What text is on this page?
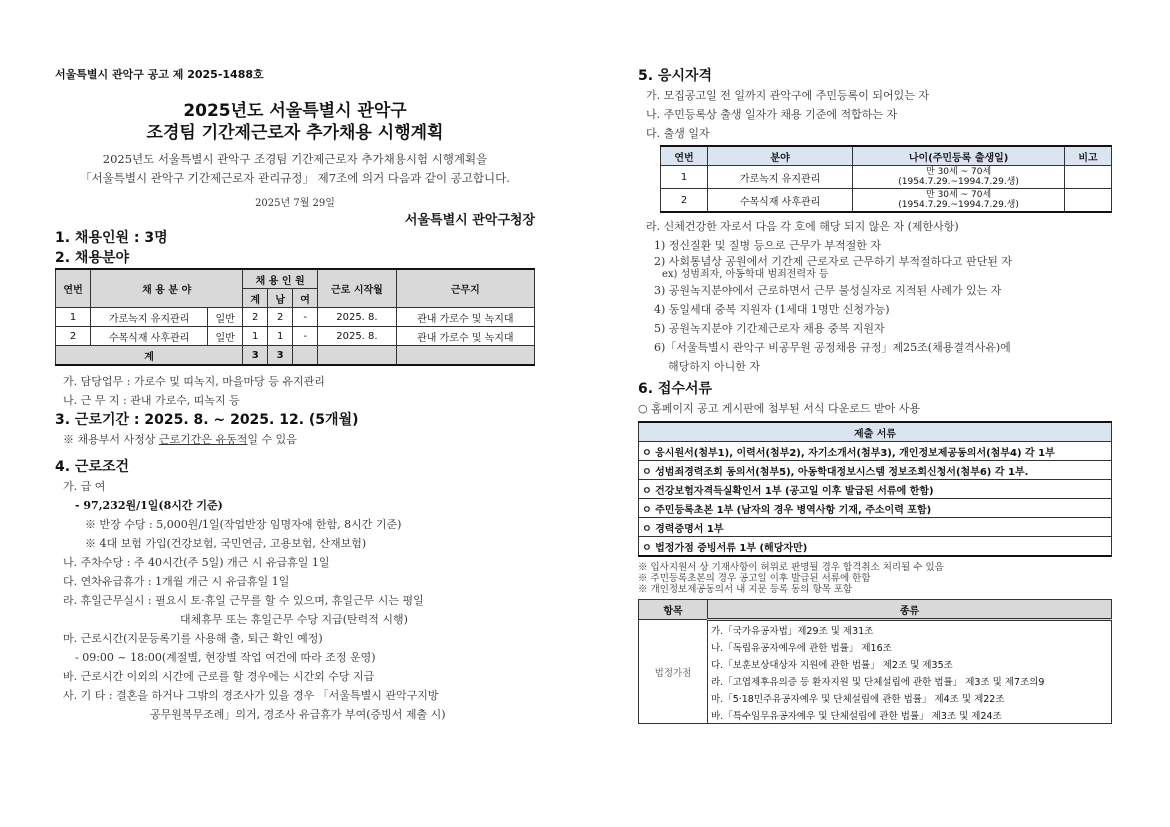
서울특별시 관악구 공고 제 2025-1488호
2025년도 서울특별시 관악구
조경팀 기간제근로자 추가채용 시행계획
2025년도 서울특별시 관악구 조경팀 기간제근로자 추가채용시험 시행계획을
「서울특별시 관악구 기간제근로자 관리규정」 제7조에 의거 다음과 같이 공고합니다.
2025년 7월 29일
서울특별시 관악구청장
1. 채용인원 : 3명
2. 채용분야
연번	채 용 분 야		채 용 인 원			근로 시작월	근무지
			계	남	여		
1	가로녹지 유지관리	일반	2	2	-	2025. 8.	관내 가로수 및 녹지대
2	수목식재 사후관리	일반	1	1	-	2025. 8.	관내 가로수 및 녹지대
계			3	3			
가. 담당업무 : 가로수 및 띠녹지, 마을마당 등 유지관리
나. 근 무 지 : 관내 가로수, 띠녹지 등
3. 근로기간 : 2025. 8. ~ 2025. 12. (5개월)
※ 채용부서 사정상 근로기간은 유동적일 수 있음
4. 근로조건
가. 급 여
- 97,232원/1일(8시간 기준)
※ 반장 수당 : 5,000원/1일(작업반장 임명자에 한함, 8시간 기준)
※ 4대 보험 가입(건강보험, 국민연금, 고용보험, 산재보험)
나. 주차수당 : 주 40시간(주 5일) 개근 시 유급휴일 1일
다. 연차유급휴가 : 1개월 개근 시 유급휴일 1일
라. 휴일근무실시 : 필요시 토·휴일 근무를 할 수 있으며, 휴일근무 시는 평일
대체휴무 또는 휴일근무 수당 지급(탄력적 시행)
마. 근로시간(지문등록기를 사용해 출, 퇴근 확인 예정)
- 09:00 ~ 18:00(계절별, 현장별 작업 여건에 따라 조정 운영)
바. 근로시간 이외의 시간에 근로를 할 경우에는 시간외 수당 지급
사. 기 타 : 결혼을 하거나 그밖의 경조사가 있을 경우 「서울특별시 관악구지방
공무원복무조례」의거, 경조사 유급휴가 부여(증빙서 제출 시)
5. 응시자격
가. 모집공고일 전 일까지 관악구에 주민등록이 되어있는 자
나. 주민등록상 출생 일자가 채용 기준에 적합하는 자
다. 출생 일자
연번	분야	나이(주민등록 출생일)	비고
1	가로녹지 유지관리	만 30세 ~ 70세
(1954.7.29.~1994.7.29.생)	

2	수목식재 사후관리	만 30세 ~ 70세
(1954.7.29.~1994.7.29.생)	

라. 신체건강한 자로서 다음 각 호에 해당 되지 않은 자 (제한사항)
1) 정신질환 및 질병 등으로 근무가 부적절한 자
2) 사회통념상 공원에서 기간제 근로자로 근무하기 부적절하다고 판단된 자
ex) 성범죄자, 아동학대 범죄전력자 등
3) 공원녹지분야에서 근로하면서 근무 불성실자로 지적된 사례가 있는 자
4) 동일세대 중복 지원자 (1세대 1명만 신청가능)
5) 공원녹지분야 기간제근로자 채용 중복 지원자
6)「서울특별시 관악구 비공무원 공정채용 규정」제25조(채용결격사유)에
해당하지 아니한 자
6. 접수서류
○ 홈페이지 공고 게시판에 첨부된 서식 다운로드 받아 사용
제출 서류
ㅇ 응시원서(첨부1), 이력서(첨부2), 자기소개서(첨부3), 개인정보제공동의서(첨부4) 각 1부
ㅇ 성범죄경력조회 동의서(첨부5), 아동학대정보시스템 정보조회신청서(첨부6) 각 1부.
ㅇ 건강보험자격득실확인서 1부 (공고일 이후 발급된 서류에 한함)
ㅇ 주민등록초본 1부 (남자의 경우 병역사항 기재, 주소이력 포함)
ㅇ 경력증명서 1부
ㅇ 법정가점 증빙서류 1부 (해당자만)
※ 입사지원서 상 기재사항이 허위로 판명될 경우 합격취소 처리될 수 있음
※ 주민등록초본의 경우 공고일 이후 발급된 서류에 한함
※ 개인정보제공동의서 내 지문 등록 동의 항목 포함
항목	종류
법정가점	가.「국가유공자법」제29조 및 제31조
	나.「독립유공자예우에 관한 법률」 제16조
	다.「보훈보상대상자 지원에 관한 법률」 제2조 및 제35조
	라.「고엽제후유의증 등 환자지원 및 단체설립에 관한 법률」 제3조 및 제7조의9
	마.「5·18민주유공자예우 및 단체설립에 관한 법률」 제4조 및 제22조
	바.「특수임무유공자예우 및 단체설립에 관한 법률」 제3조 및 제24조
